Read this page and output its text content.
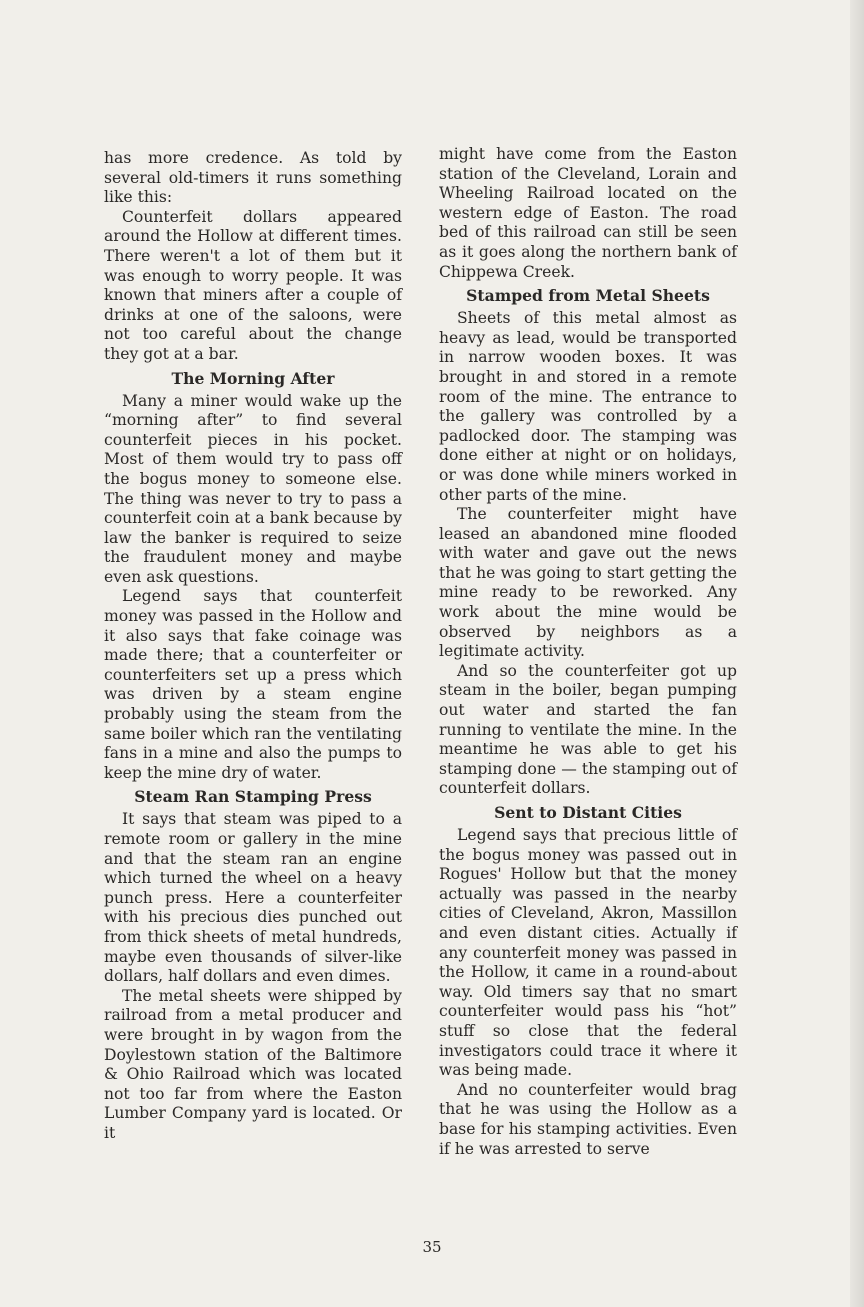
has more credence. As told by several old-timers it runs something like this:

Counterfeit dollars appeared around the Hollow at different times. There weren't a lot of them but it was enough to worry people. It was known that miners after a couple of drinks at one of the saloons, were not too careful about the change they got at a bar.

The Morning After

Many a miner would wake up the “morning after” to find several counterfeit pieces in his pocket. Most of them would try to pass off the bogus money to someone else. The thing was never to try to pass a counterfeit coin at a bank because by law the banker is required to seize the fraudulent money and maybe even ask questions.

Legend says that counterfeit money was passed in the Hollow and it also says that fake coinage was made there; that a counterfeiter or counterfeiters set up a press which was driven by a steam engine probably using the steam from the same boiler which ran the ventilating fans in a mine and also the pumps to keep the mine dry of water.

Steam Ran Stamping Press

It says that steam was piped to a remote room or gallery in the mine and that the steam ran an engine which turned the wheel on a heavy punch press. Here a counterfeiter with his precious dies punched out from thick sheets of metal hundreds, maybe even thousands of silver-like dollars, half dollars and even dimes.

The metal sheets were shipped by railroad from a metal producer and were brought in by wagon from the Doylestown station of the Baltimore & Ohio Railroad which was located not too far from where the Easton Lumber Company yard is located. Or it

might have come from the Easton station of the Cleveland, Lorain and Wheeling Railroad located on the western edge of Easton. The road bed of this railroad can still be seen as it goes along the northern bank of Chippewa Creek.

Stamped from Metal Sheets

Sheets of this metal almost as heavy as lead, would be transported in narrow wooden boxes. It was brought in and stored in a remote room of the mine. The entrance to the gallery was controlled by a padlocked door. The stamping was done either at night or on holidays, or was done while miners worked in other parts of the mine.

The counterfeiter might have leased an abandoned mine flooded with water and gave out the news that he was going to start getting the mine ready to be reworked. Any work about the mine would be observed by neighbors as a legitimate activity.

And so the counterfeiter got up steam in the boiler, began pumping out water and started the fan running to ventilate the mine. In the meantime he was able to get his stamping done — the stamping out of counterfeit dollars.

Sent to Distant Cities

Legend says that precious little of the bogus money was passed out in Rogues' Hollow but that the money actually was passed in the nearby cities of Cleveland, Akron, Massillon and even distant cities. Actually if any counterfeit money was passed in the Hollow, it came in a round-about way. Old timers say that no smart counterfeiter would pass his “hot” stuff so close that the federal investigators could trace it where it was being made.

And no counterfeiter would brag that he was using the Hollow as a base for his stamping activities. Even if he was arrested to serve

35
